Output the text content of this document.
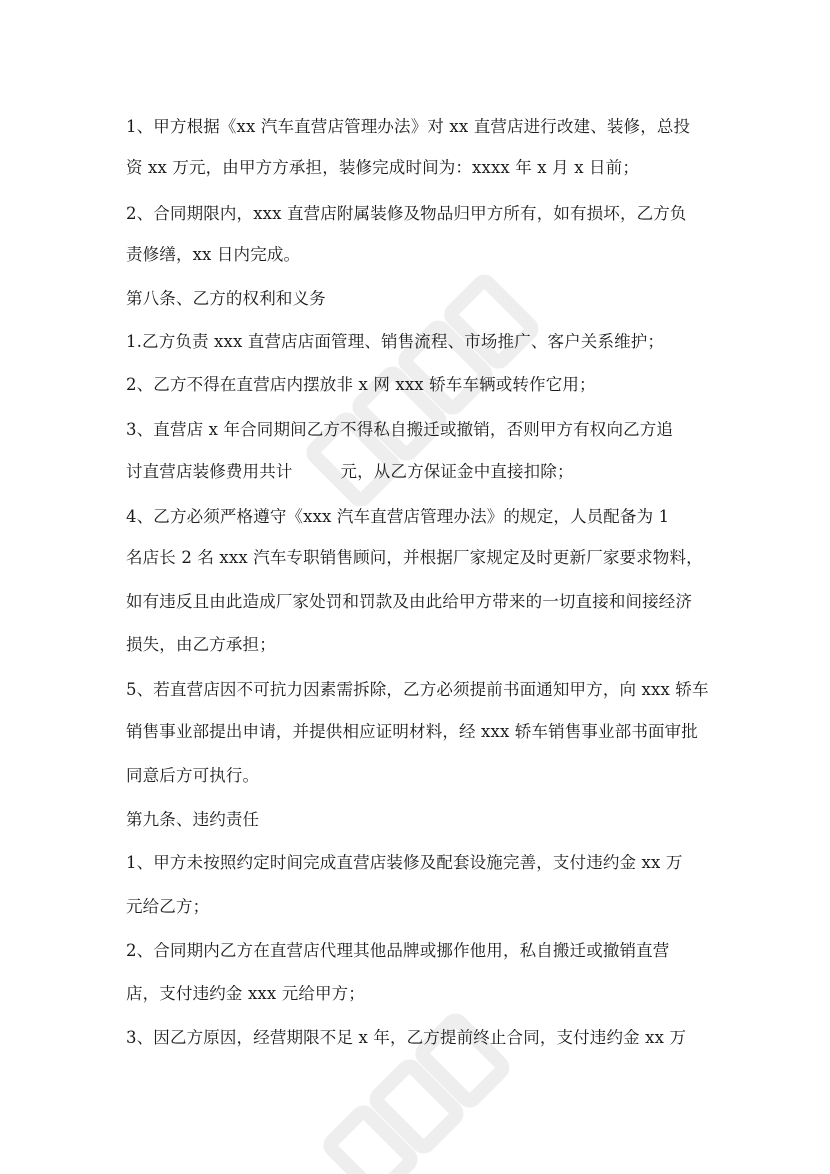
1、甲方根据《xx 汽车直营店管理办法》对 xx 直营店进行改建、装修，总投
资 xx 万元，由甲方方承担，装修完成时间为：xxxx 年 x 月 x 日前；
2、合同期限内，xxx 直营店附属装修及物品归甲方所有，如有损坏，乙方负
责修缮，xx 日内完成。
第八条、乙方的权利和义务
1.乙方负责 xxx 直营店店面管理、销售流程、市场推广、客户关系维护；
2、乙方不得在直营店内摆放非 x 网 xxx 轿车车辆或转作它用；
3、直营店 x 年合同期间乙方不得私自搬迁或撤销，否则甲方有权向乙方追
讨直营店装修费用共计	元，从乙方保证金中直接扣除；
4、乙方必须严格遵守《xxx 汽车直营店管理办法》的规定，人员配备为 1
名店长 2 名 xxx 汽车专职销售顾问，并根据厂家规定及时更新厂家要求物料，
如有违反且由此造成厂家处罚和罚款及由此给甲方带来的一切直接和间接经济
损失，由乙方承担；
5、若直营店因不可抗力因素需拆除，乙方必须提前书面通知甲方，向 xxx 轿车
销售事业部提出申请，并提供相应证明材料，经 xxx 轿车销售事业部书面审批
同意后方可执行。
第九条、违约责任
1、甲方未按照约定时间完成直营店装修及配套设施完善，支付违约金 xx 万
元给乙方；
2、合同期内乙方在直营店代理其他品牌或挪作他用，私自搬迁或撤销直营
店，支付违约金 xxx 元给甲方；
3、因乙方原因，经营期限不足 x 年，乙方提前终止合同，支付违约金 xx 万
